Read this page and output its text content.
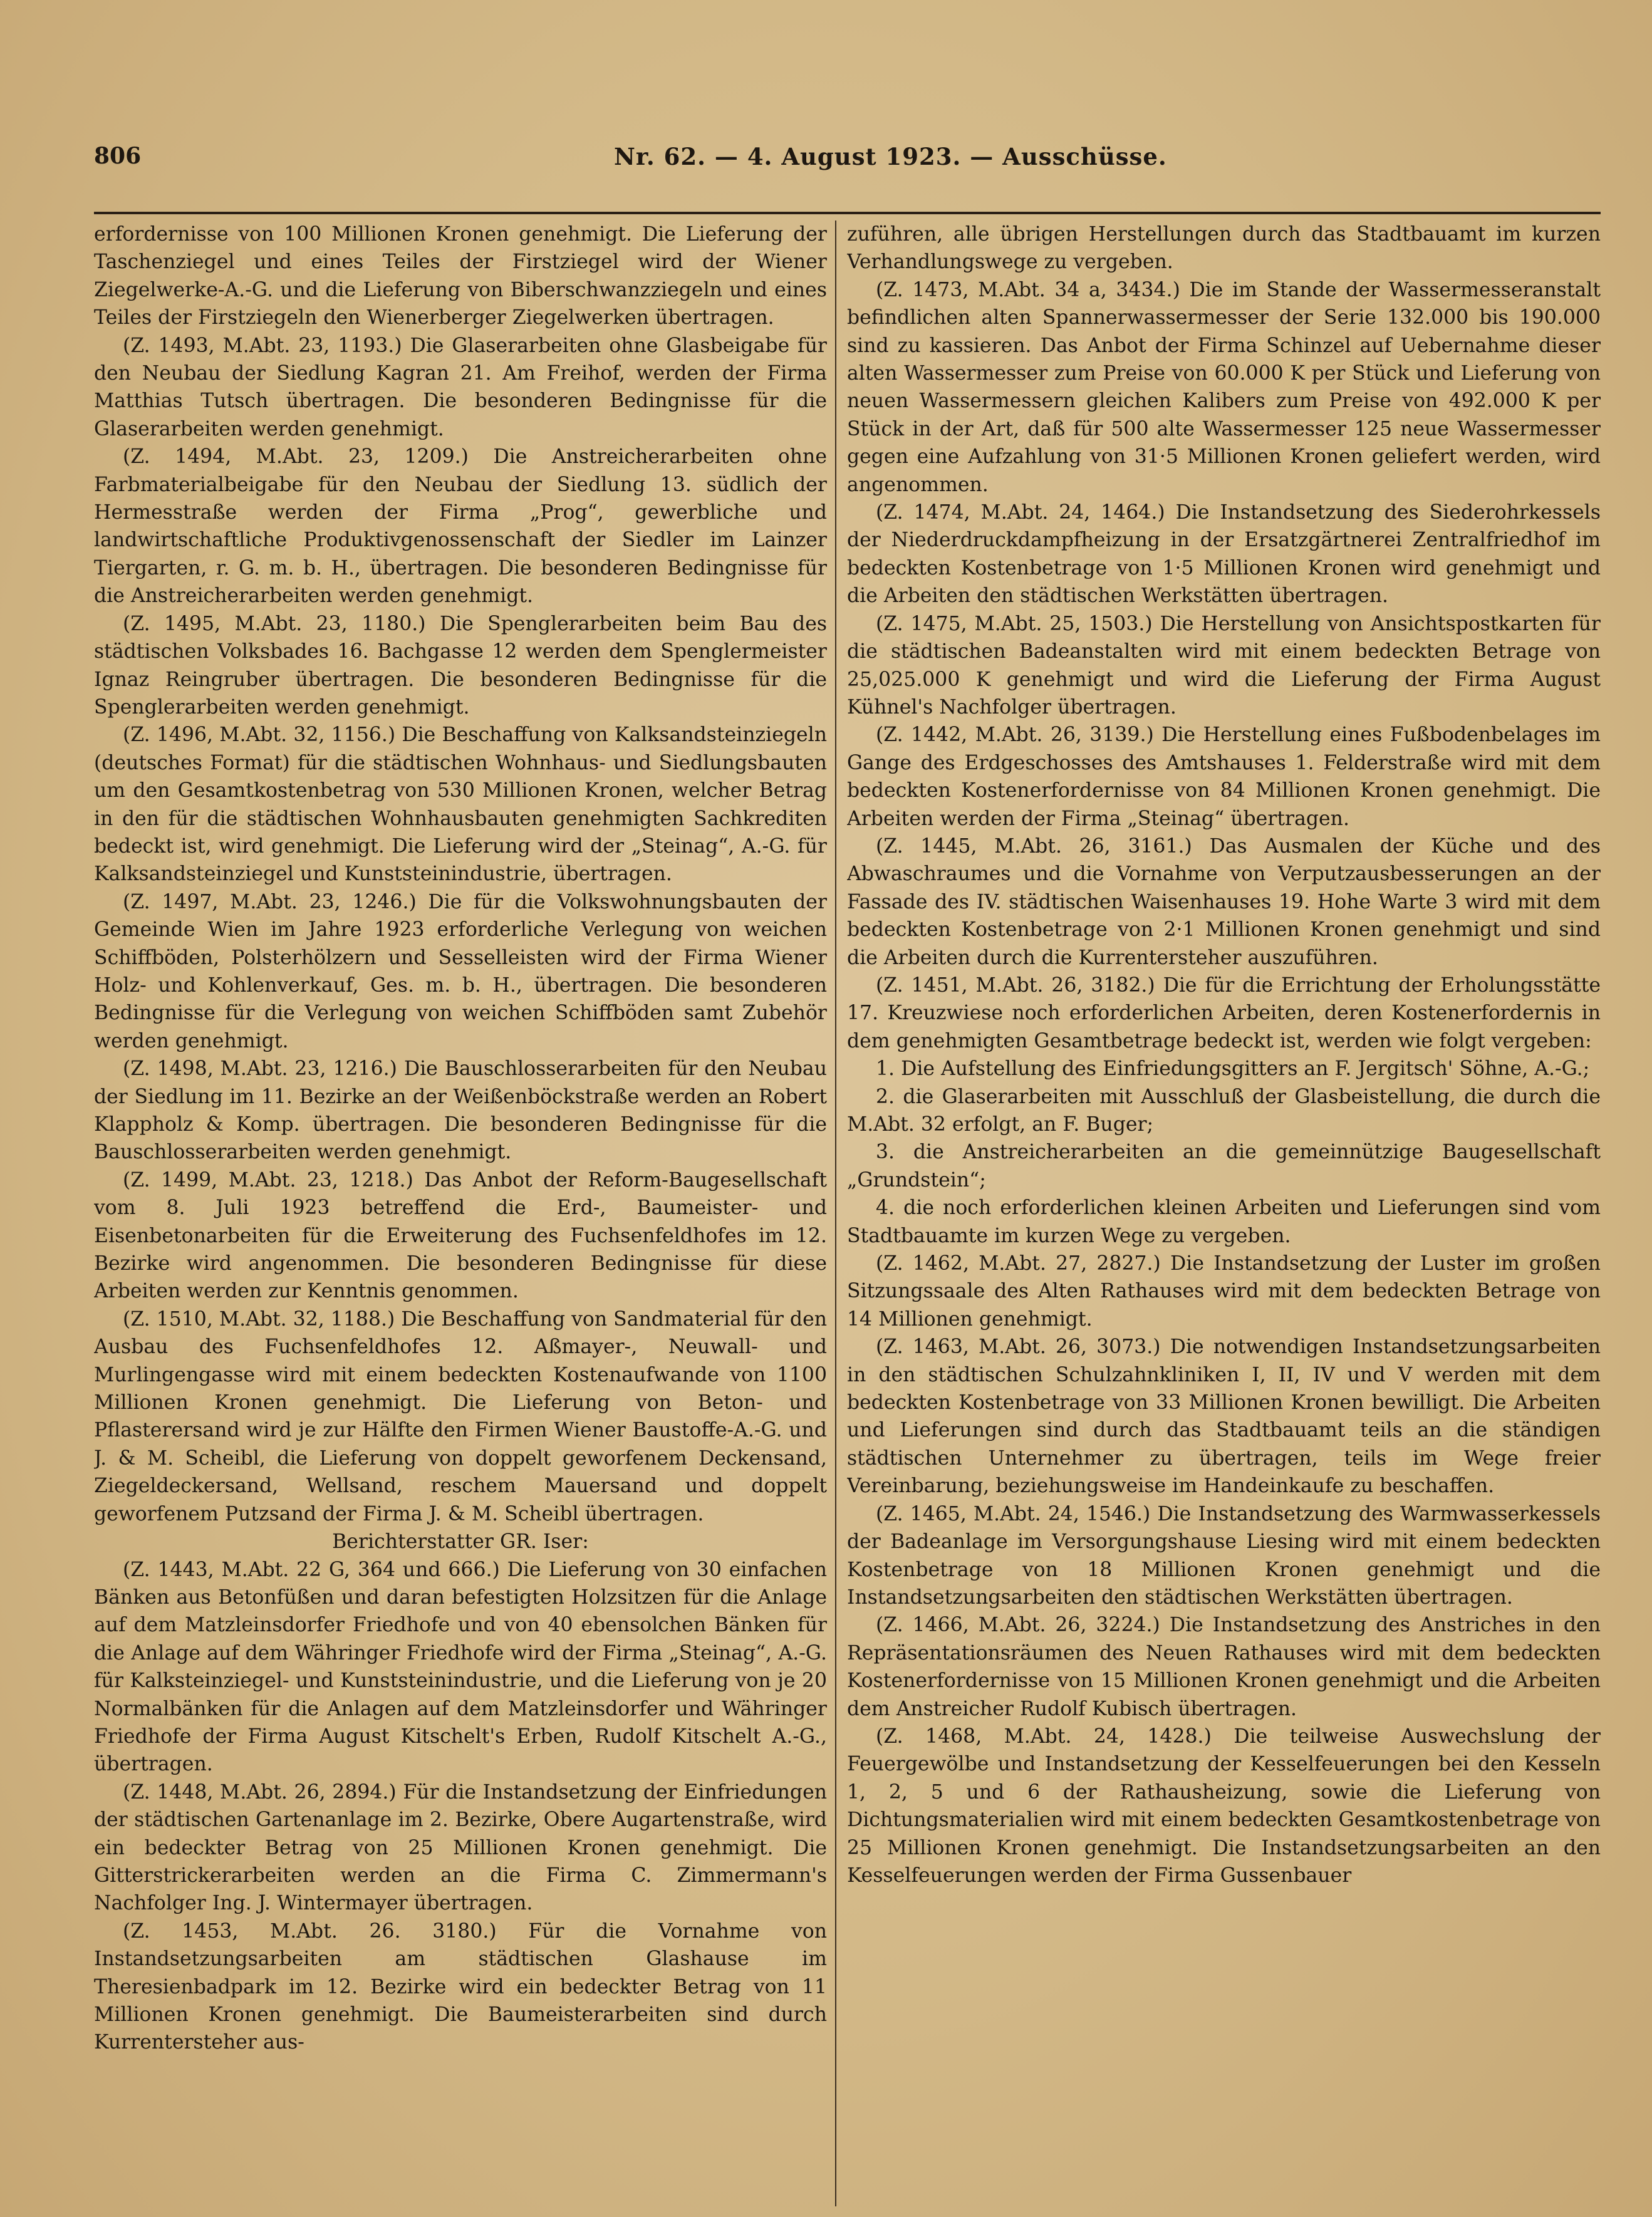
806	Nr. 62. — 4. August 1923. — Ausschüsse.

erfordernisse von 100 Millionen Kronen genehmigt. Die Lieferung der Taschenziegel und eines Teiles der Firstziegel wird der Wiener Ziegelwerke-A.-G. und die Lieferung von Biberschwanzziegeln und eines Teiles der Firstziegeln den Wienerberger Ziegelwerken übertragen.

(Z. 1493, M.Abt. 23, 1193.) Die Glaserarbeiten ohne Glasbeigabe für den Neubau der Siedlung Kagran 21. Am Freihof, werden der Firma Matthias Tutsch übertragen. Die besonderen Bedingnisse für die Glaserarbeiten werden genehmigt.

(Z. 1494, M.Abt. 23, 1209.) Die Anstreicherarbeiten ohne Farbmaterialbeigabe für den Neubau der Siedlung 13. südlich der Hermesstraße werden der Firma „Prog“, gewerbliche und landwirtschaftliche Produktivgenossenschaft der Siedler im Lainzer Tiergarten, r. G. m. b. H., übertragen. Die besonderen Bedingnisse für die Anstreicherarbeiten werden genehmigt.

(Z. 1495, M.Abt. 23, 1180.) Die Spenglerarbeiten beim Bau des städtischen Volksbades 16. Bachgasse 12 werden dem Spenglermeister Ignaz Reingruber übertragen. Die besonderen Bedingnisse für die Spenglerarbeiten werden genehmigt.

(Z. 1496, M.Abt. 32, 1156.) Die Beschaffung von Kalksandsteinziegeln (deutsches Format) für die städtischen Wohnhaus- und Siedlungsbauten um den Gesamtkostenbetrag von 530 Millionen Kronen, welcher Betrag in den für die städtischen Wohnhausbauten genehmigten Sachkrediten bedeckt ist, wird genehmigt. Die Lieferung wird der „Steinag“, A.-G. für Kalksandsteinziegel und Kunststeinindustrie, übertragen.

(Z. 1497, M.Abt. 23, 1246.) Die für die Volkswohnungsbauten der Gemeinde Wien im Jahre 1923 erforderliche Verlegung von weichen Schiffböden, Polsterhölzern und Sesselleisten wird der Firma Wiener Holz- und Kohlenverkauf, Ges. m. b. H., übertragen. Die besonderen Bedingnisse für die Verlegung von weichen Schiffböden samt Zubehör werden genehmigt.

(Z. 1498, M.Abt. 23, 1216.) Die Bauschlosserarbeiten für den Neubau der Siedlung im 11. Bezirke an der Weißenböckstraße werden an Robert Klappholz & Komp. übertragen. Die besonderen Bedingnisse für die Bauschlosserarbeiten werden genehmigt.

(Z. 1499, M.Abt. 23, 1218.) Das Anbot der Reform-Baugesellschaft vom 8. Juli 1923 betreffend die Erd-, Baumeister- und Eisenbetonarbeiten für die Erweiterung des Fuchsenfeldhofes im 12. Bezirke wird angenommen. Die besonderen Bedingnisse für diese Arbeiten werden zur Kenntnis genommen.

(Z. 1510, M.Abt. 32, 1188.) Die Beschaffung von Sandmaterial für den Ausbau des Fuchsenfeldhofes 12. Aßmayer-, Neuwall- und Murlingengasse wird mit einem bedeckten Kostenaufwande von 1100 Millionen Kronen genehmigt. Die Lieferung von Beton- und Pflasterersand wird je zur Hälfte den Firmen Wiener Baustoffe-A.-G. und J. & M. Scheibl, die Lieferung von doppelt geworfenem Deckensand, Ziegeldeckersand, Wellsand, reschem Mauersand und doppelt geworfenem Putzsand der Firma J. & M. Scheibl übertragen.

Berichterstatter GR. Iser:

(Z. 1443, M.Abt. 22 G, 364 und 666.) Die Lieferung von 30 einfachen Bänken aus Betonfüßen und daran befestigten Holzsitzen für die Anlage auf dem Matzleinsdorfer Friedhofe und von 40 ebensolchen Bänken für die Anlage auf dem Währinger Friedhofe wird der Firma „Steinag“, A.-G. für Kalksteinziegel- und Kunststeinindustrie, und die Lieferung von je 20 Normalbänken für die Anlagen auf dem Matzleinsdorfer und Währinger Friedhofe der Firma August Kitschelt's Erben, Rudolf Kitschelt A.-G., übertragen.

(Z. 1448, M.Abt. 26, 2894.) Für die Instandsetzung der Einfriedungen der städtischen Gartenanlage im 2. Bezirke, Obere Augartenstraße, wird ein bedeckter Betrag von 25 Millionen Kronen genehmigt. Die Gitterstrickerarbeiten werden an die Firma C. Zimmermann's Nachfolger Ing. J. Wintermayer übertragen.

(Z. 1453, M.Abt. 26. 3180.) Für die Vornahme von Instandsetzungsarbeiten am städtischen Glashause im Theresienbadpark im 12. Bezirke wird ein bedeckter Betrag von 11 Millionen Kronen genehmigt. Die Baumeisterarbeiten sind durch Kurrentersteher aus-

zuführen, alle übrigen Herstellungen durch das Stadtbauamt im kurzen Verhandlungswege zu vergeben.

(Z. 1473, M.Abt. 34 a, 3434.) Die im Stande der Wassermesseranstalt befindlichen alten Spannerwassermesser der Serie 132.000 bis 190.000 sind zu kassieren. Das Anbot der Firma Schinzel auf Uebernahme dieser alten Wassermesser zum Preise von 60.000 K per Stück und Lieferung von neuen Wassermessern gleichen Kalibers zum Preise von 492.000 K per Stück in der Art, daß für 500 alte Wassermesser 125 neue Wassermesser gegen eine Aufzahlung von 31·5 Millionen Kronen geliefert werden, wird angenommen.

(Z. 1474, M.Abt. 24, 1464.) Die Instandsetzung des Siederohrkessels der Niederdruckdampfheizung in der Ersatzgärtnerei Zentralfriedhof im bedeckten Kostenbetrage von 1·5 Millionen Kronen wird genehmigt und die Arbeiten den städtischen Werkstätten übertragen.

(Z. 1475, M.Abt. 25, 1503.) Die Herstellung von Ansichtspostkarten für die städtischen Badeanstalten wird mit einem bedeckten Betrage von 25,025.000 K genehmigt und wird die Lieferung der Firma August Kühnel's Nachfolger übertragen.

(Z. 1442, M.Abt. 26, 3139.) Die Herstellung eines Fußbodenbelages im Gange des Erdgeschosses des Amtshauses 1. Felderstraße wird mit dem bedeckten Kostenerfordernisse von 84 Millionen Kronen genehmigt. Die Arbeiten werden der Firma „Steinag“ übertragen.

(Z. 1445, M.Abt. 26, 3161.) Das Ausmalen der Küche und des Abwaschraumes und die Vornahme von Verputzausbesserungen an der Fassade des IV. städtischen Waisenhauses 19. Hohe Warte 3 wird mit dem bedeckten Kostenbetrage von 2·1 Millionen Kronen genehmigt und sind die Arbeiten durch die Kurrentersteher auszuführen.

(Z. 1451, M.Abt. 26, 3182.) Die für die Errichtung der Erholungsstätte 17. Kreuzwiese noch erforderlichen Arbeiten, deren Kostenerfordernis in dem genehmigten Gesamtbetrage bedeckt ist, werden wie folgt vergeben:

1. Die Aufstellung des Einfriedungsgitters an F. Jergitsch' Söhne, A.-G.;

2. die Glaserarbeiten mit Ausschluß der Glasbeistellung, die durch die M.Abt. 32 erfolgt, an F. Buger;

3. die Anstreicherarbeiten an die gemeinnützige Baugesellschaft „Grundstein“;

4. die noch erforderlichen kleinen Arbeiten und Lieferungen sind vom Stadtbauamte im kurzen Wege zu vergeben.

(Z. 1462, M.Abt. 27, 2827.) Die Instandsetzung der Luster im großen Sitzungssaale des Alten Rathauses wird mit dem bedeckten Betrage von 14 Millionen genehmigt.

(Z. 1463, M.Abt. 26, 3073.) Die notwendigen Instandsetzungsarbeiten in den städtischen Schulzahnkliniken I, II, IV und V werden mit dem bedeckten Kostenbetrage von 33 Millionen Kronen bewilligt. Die Arbeiten und Lieferungen sind durch das Stadtbauamt teils an die ständigen städtischen Unternehmer zu übertragen, teils im Wege freier Vereinbarung, beziehungsweise im Handeinkaufe zu beschaffen.

(Z. 1465, M.Abt. 24, 1546.) Die Instandsetzung des Warmwasserkessels der Badeanlage im Versorgungshause Liesing wird mit einem bedeckten Kostenbetrage von 18 Millionen Kronen genehmigt und die Instandsetzungsarbeiten den städtischen Werkstätten übertragen.

(Z. 1466, M.Abt. 26, 3224.) Die Instandsetzung des Anstriches in den Repräsentationsräumen des Neuen Rathauses wird mit dem bedeckten Kostenerfordernisse von 15 Millionen Kronen genehmigt und die Arbeiten dem Anstreicher Rudolf Kubisch übertragen.

(Z. 1468, M.Abt. 24, 1428.) Die teilweise Auswechslung der Feuergewölbe und Instandsetzung der Kesselfeuerungen bei den Kesseln 1, 2, 5 und 6 der Rathausheizung, sowie die Lieferung von Dichtungsmaterialien wird mit einem bedeckten Gesamtkostenbetrage von 25 Millionen Kronen genehmigt. Die Instandsetzungsarbeiten an den Kesselfeuerungen werden der Firma Gussenbauer
